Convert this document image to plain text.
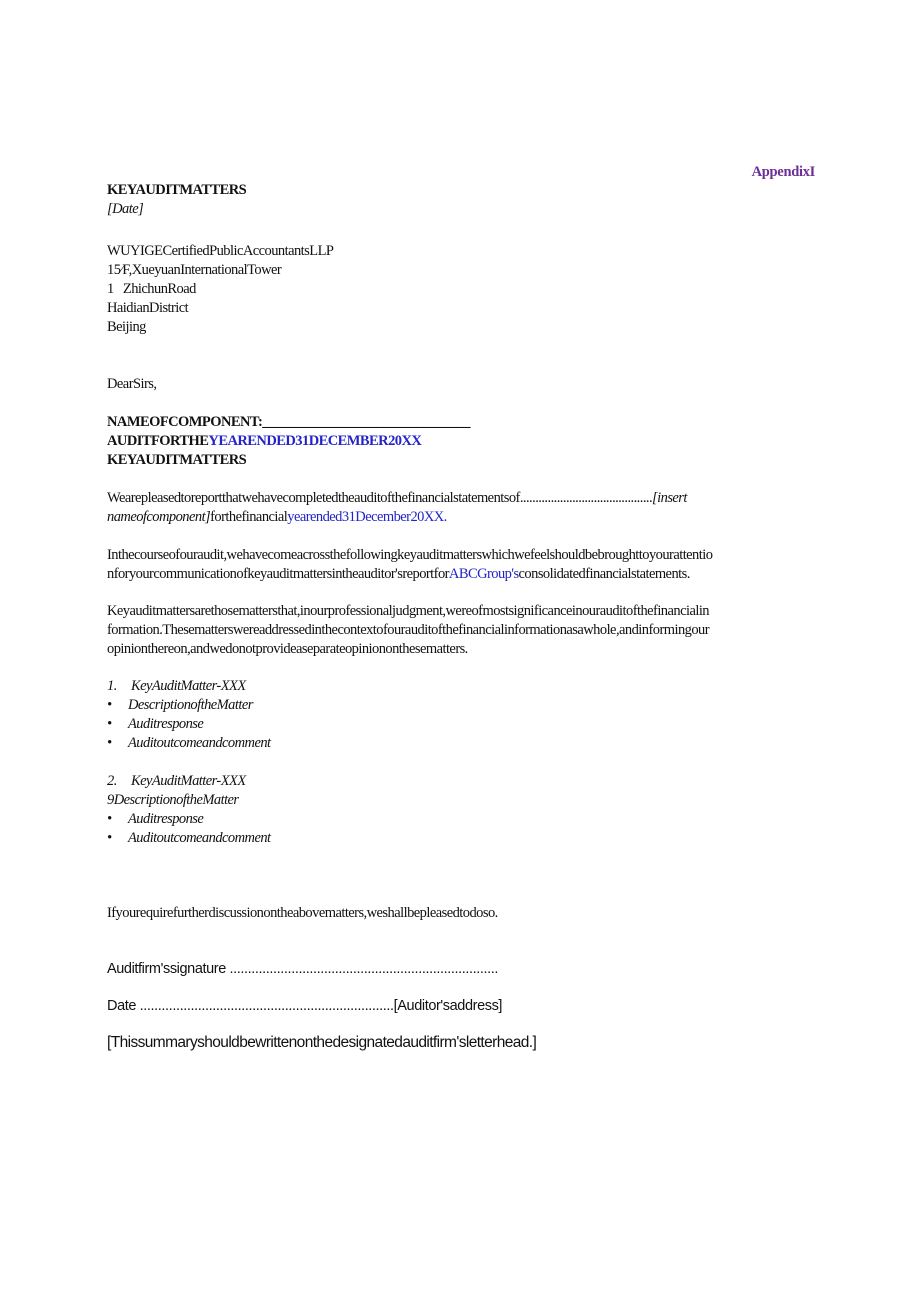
AppendixI
KEYAUDITMATTERS
[Date]
WUYIGECertifiedPublicAccountantsLLP
15⁄F,XueyuanInternationalTower
1   ZhichunRoad
HaidianDistrict
Beijing
DearSirs,
NAMEOFCOMPONENT:_______________________________
AUDITFORTHEYEARENDED31DECEMBER20XX
KEYAUDITMATTERS
Wearepleasedtoreportthatwehavecompletedtheauditofthefinancialstatementsof...........................................[insert
nameofcomponent]forthefinancialyearended31December20XX.
Inthecourseofouraudit,wehavecomeacrossthefollowingkeyauditmatterswhichwefeelshouldbebroughttoyourattentio
nforyourcommunicationofkeyauditmattersintheauditor'sreportforABCGroup'sconsolidatedfinancialstatements.
Keyauditmattersarethosemattersthat,inourprofessionaljudgment,wereofmostsignificanceinourauditofthefinancialin
formation.Thesematterswereaddressedinthecontextofourauditofthefinancialinformationasawhole,andinformingour
opinionthereon,andwedonotprovideaseparateopiniononthesematters.
1. KeyAuditMatter-XXX
• DescriptionoftheMatter
• Auditresponse
• Auditoutcomeandcomment
2. KeyAuditMatter-XXX
9DescriptionoftheMatter
• Auditresponse
• Auditoutcomeandcomment
Ifyourequirefurtherdiscussionontheabovematters,weshallbepleasedtodoso.
Auditfirm'ssignature ..........................................................................
Date ......................................................................[Auditor'saddress]
[Thissummaryshouldbewrittenonthedesignatedauditfirm'sletterhead.]
